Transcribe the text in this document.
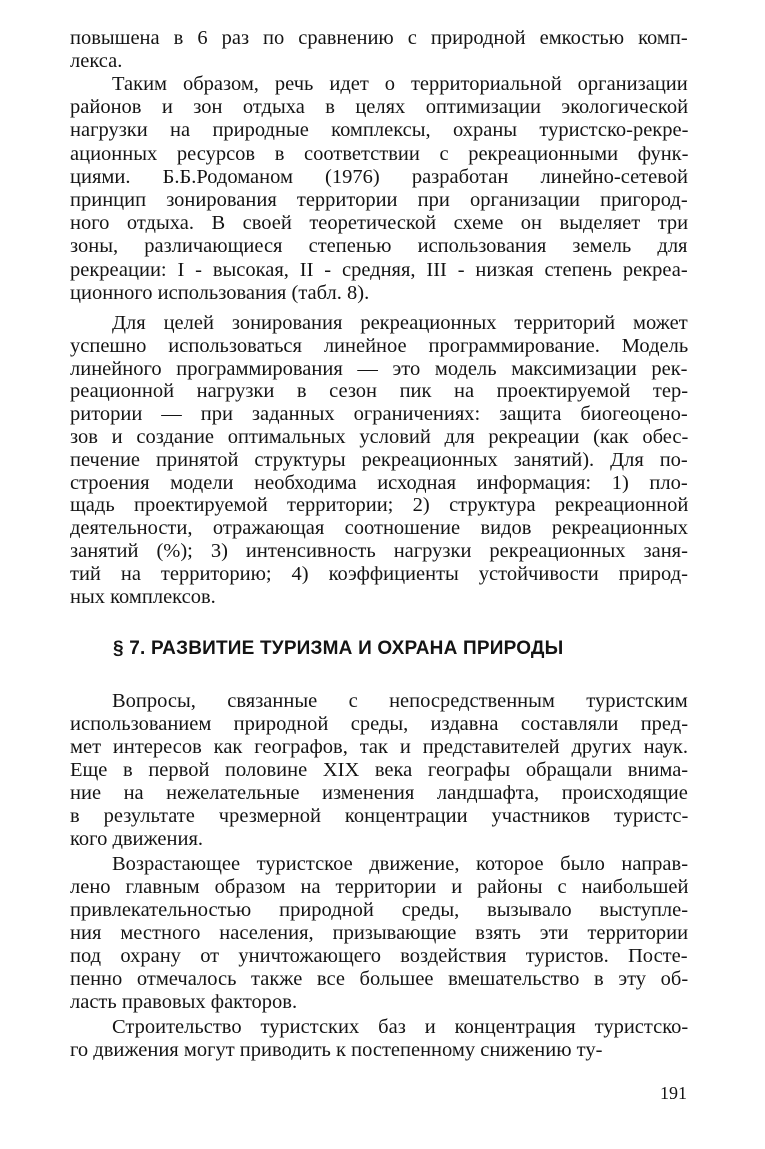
повышена в 6 раз по сравнению с природной емкостью комп-
лекса.
Таким образом, речь идет о территориальной организации
районов и зон отдыха в целях оптимизации экологической
нагрузки на природные комплексы, охраны туристско-рекре-
ационных ресурсов в соответствии с рекреационными функ-
циями. Б.Б.Родоманом (1976) разработан линейно-сетевой
принцип зонирования территории при организации пригород-
ного отдыха. В своей теоретической схеме он выделяет три
зоны, различающиеся степенью использования земель для
рекреации: I - высокая, II - средняя, III - низкая степень рекреа-
ционного использования (табл. 8).
Для целей зонирования рекреационных территорий может
успешно использоваться линейное программирование. Модель
линейного программирования — это модель максимизации рек-
реационной нагрузки в сезон пик на проектируемой тер-
ритории — при заданных ограничениях: защита биогеоцено-
зов и создание оптимальных условий для рекреации (как обес-
печение принятой структуры рекреационных занятий). Для по-
строения модели необходима исходная информация: 1) пло-
щадь проектируемой территории; 2) структура рекреационной
деятельности, отражающая соотношение видов рекреационных
занятий (%); 3) интенсивность нагрузки рекреационных заня-
тий на территорию; 4) коэффициенты устойчивости природ-
ных комплексов.
Вопросы, связанные с непосредственным туристским
использованием природной среды, издавна составляли пред-
мет интересов как географов, так и представителей других наук.
Еще в первой половине XIX века географы обращали внима-
ние на нежелательные изменения ландшафта, происходящие
в результате чрезмерной концентрации участников туристс-
кого движения.
Возрастающее туристское движение, которое было направ-
лено главным образом на территории и районы с наибольшей
привлекательностью природной среды, вызывало выступле-
ния местного населения, призывающие взять эти территории
под охрану от уничтожающего воздействия туристов. Посте-
пенно отмечалось также все большее вмешательство в эту об-
ласть правовых факторов.
Строительство туристских баз и концентрация туристско-
го движения могут приводить к постепенному снижению ту-
§ 7. РАЗВИТИЕ ТУРИЗМА И ОХРАНА ПРИРОДЫ
191
